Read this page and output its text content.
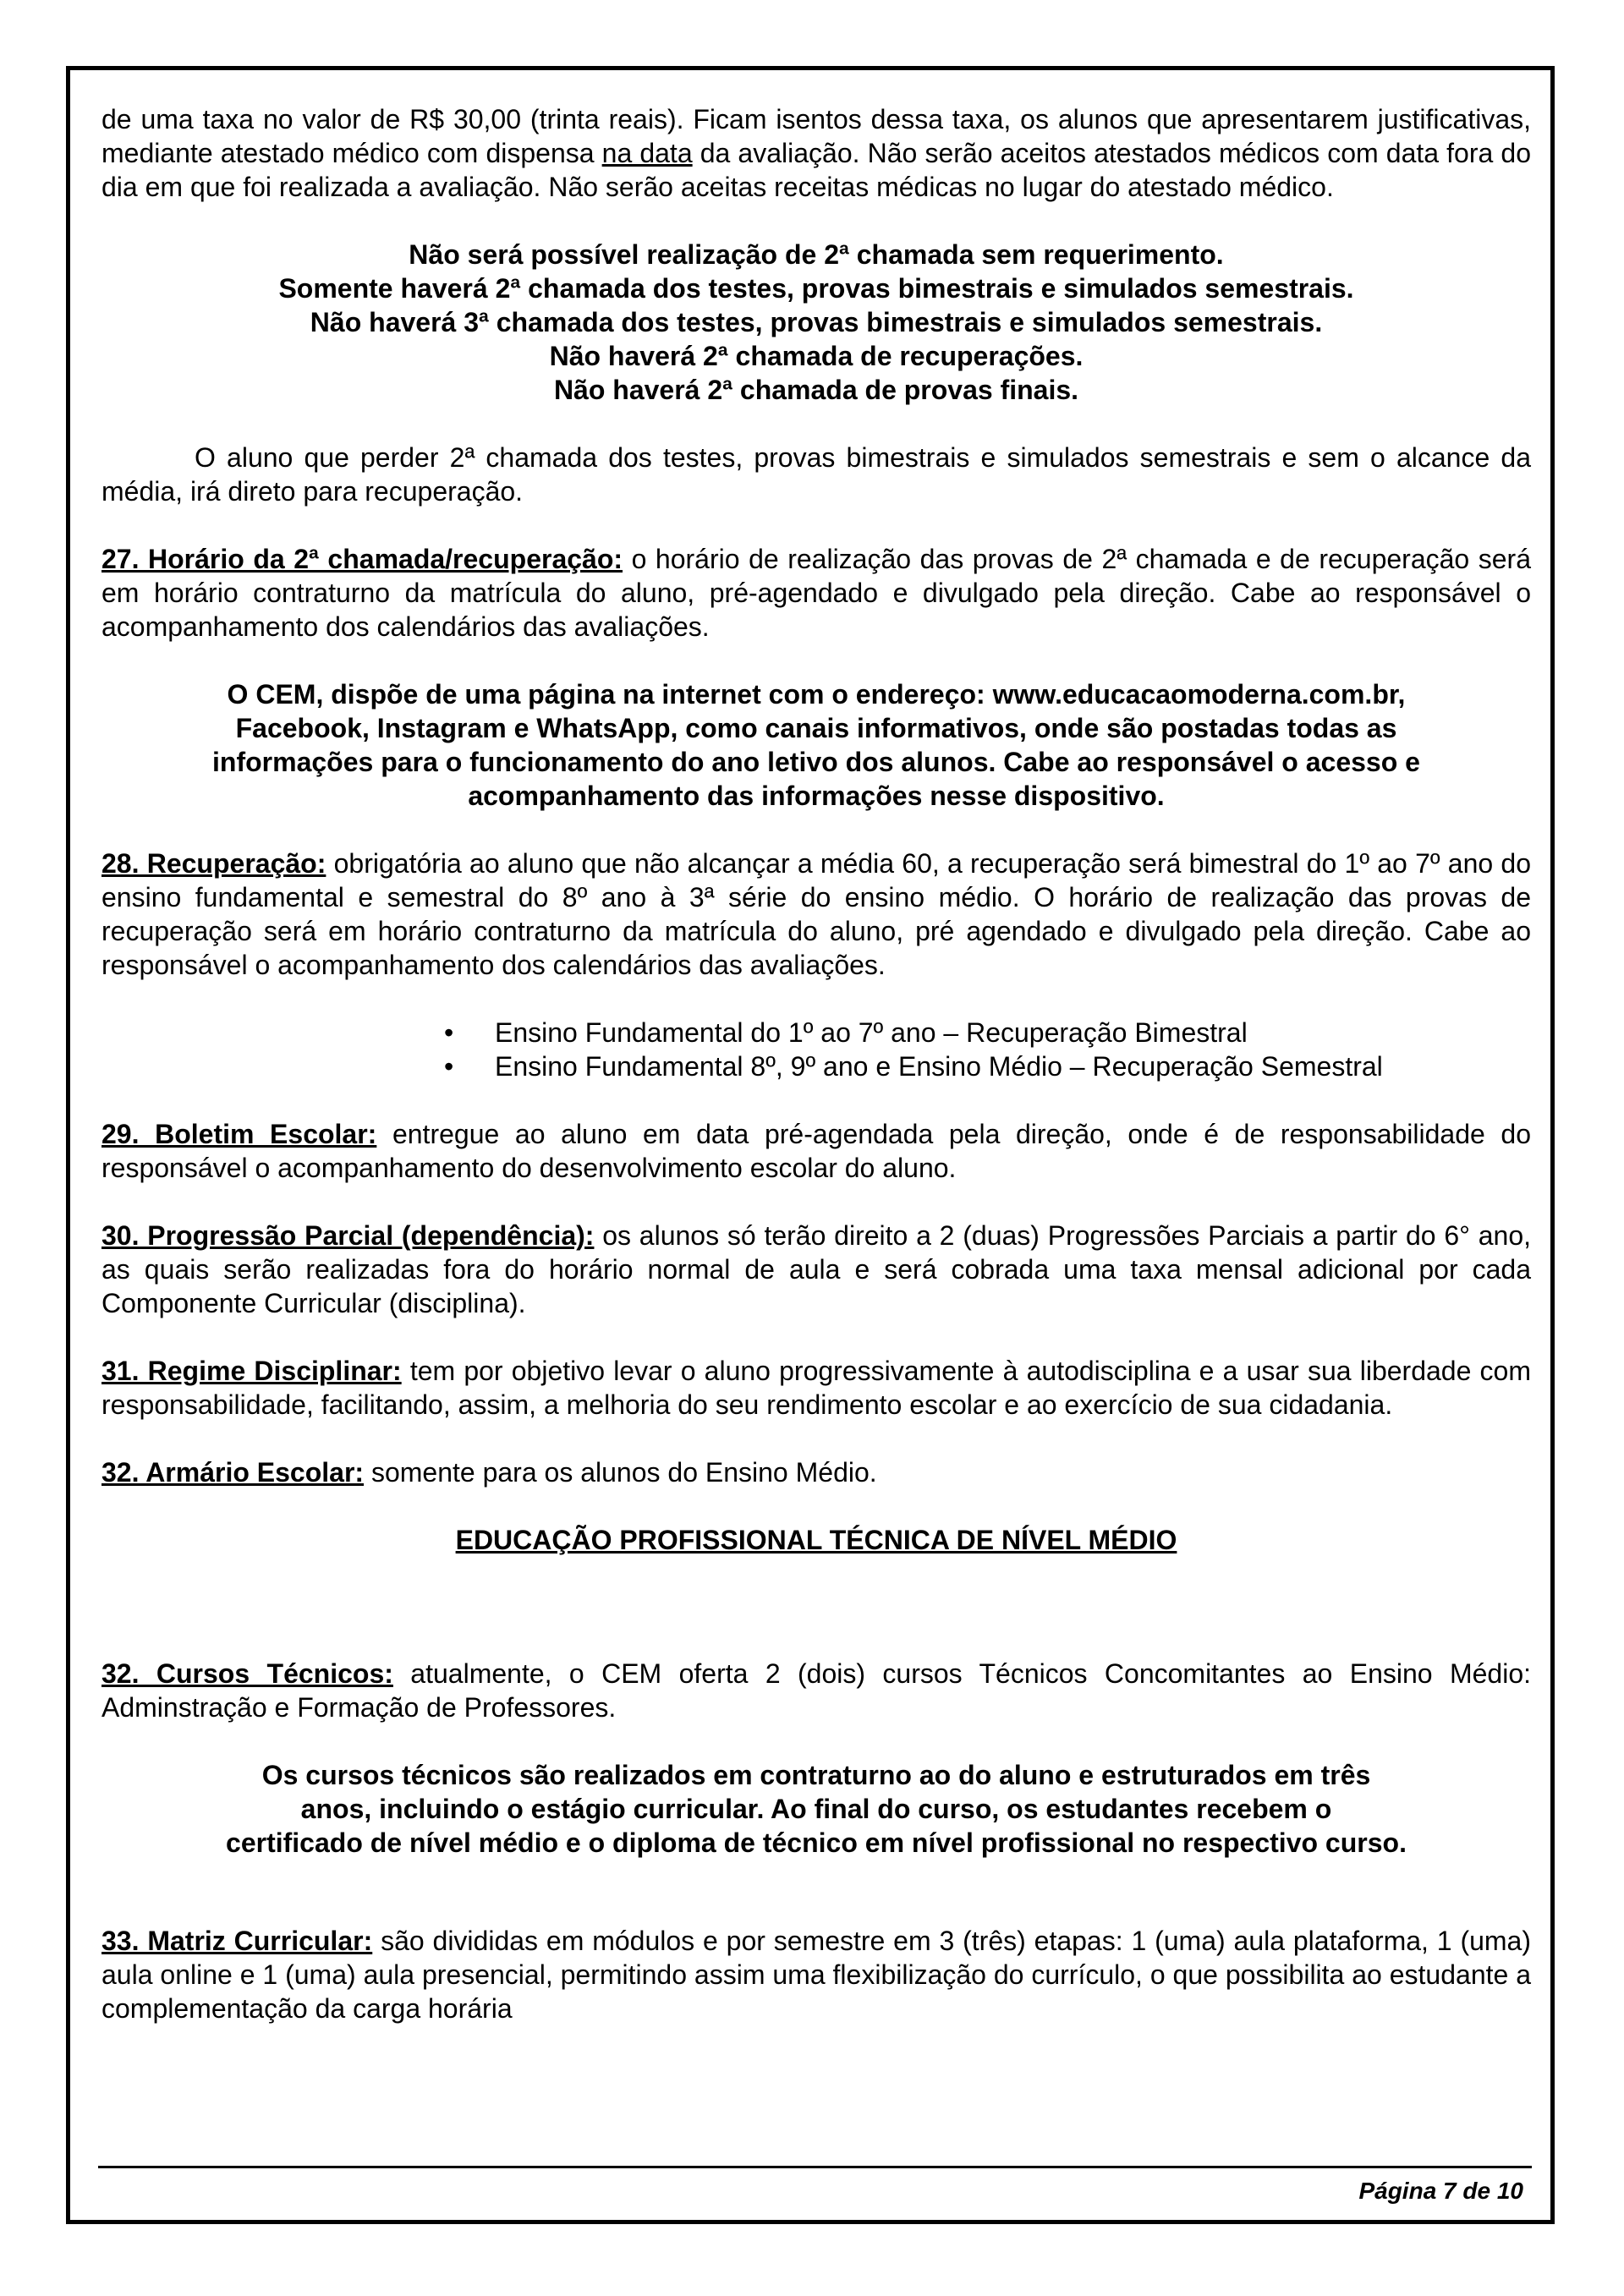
de uma taxa no valor de R$ 30,00 (trinta reais). Ficam isentos dessa taxa, os alunos que apresentarem justificativas, mediante atestado médico com dispensa na data da avaliação. Não serão aceitos atestados médicos com data fora do dia em que foi realizada a avaliação. Não serão aceitas receitas médicas no lugar do atestado médico.

Não será possível realização de 2ª chamada sem requerimento.

Somente haverá 2ª chamada dos testes, provas bimestrais e simulados semestrais.

Não haverá 3ª chamada dos testes, provas bimestrais e simulados semestrais.

Não haverá 2ª chamada de recuperações.

Não haverá 2ª chamada de provas finais.

O aluno que perder 2ª chamada dos testes, provas bimestrais e simulados semestrais e sem o alcance da média, irá direto para recuperação.

27. Horário da 2ª chamada/recuperação: o horário de realização das provas de 2ª chamada e de recuperação será em horário contraturno da matrícula do aluno, pré-agendado e divulgado pela direção. Cabe ao responsável o acompanhamento dos calendários das avaliações.

O CEM, dispõe de uma página na internet com o endereço: www.educacaomoderna.com.br,

Facebook, Instagram e WhatsApp, como canais informativos, onde são postadas todas as

informações para o funcionamento do ano letivo dos alunos. Cabe ao responsável o acesso e

acompanhamento das informações nesse dispositivo.

28. Recuperação: obrigatória ao aluno que não alcançar a média 60, a recuperação será bimestral do 1º ao 7º ano do ensino fundamental e semestral do 8º ano à 3ª série do ensino médio. O horário de realização das provas de recuperação será em horário contraturno da matrícula do aluno, pré agendado e divulgado pela direção. Cabe ao responsável o acompanhamento dos calendários das avaliações.

• Ensino Fundamental do 1º ao 7º ano – Recuperação Bimestral
• Ensino Fundamental 8º, 9º ano e Ensino Médio – Recuperação Semestral

29. Boletim Escolar: entregue ao aluno em data pré-agendada pela direção, onde é de responsabilidade do responsável o acompanhamento do desenvolvimento escolar do aluno.

30. Progressão Parcial (dependência): os alunos só terão direito a 2 (duas) Progressões Parciais a partir do 6° ano, as quais serão realizadas fora do horário normal de aula e será cobrada uma taxa mensal adicional por cada Componente Curricular (disciplina).

31. Regime Disciplinar: tem por objetivo levar o aluno progressivamente à autodisciplina e a usar sua liberdade com responsabilidade, facilitando, assim, a melhoria do seu rendimento escolar e ao exercício de sua cidadania.

32. Armário Escolar: somente para os alunos do Ensino Médio.

EDUCAÇÃO PROFISSIONAL TÉCNICA DE NÍVEL MÉDIO

32. Cursos Técnicos: atualmente, o CEM oferta 2 (dois) cursos Técnicos Concomitantes ao Ensino Médio: Adminstração e Formação de Professores.

Os cursos técnicos são realizados em contraturno ao do aluno e estruturados em três

anos, incluindo o estágio curricular. Ao final do curso, os estudantes recebem o

certificado de nível médio e o diploma de técnico em nível profissional no respectivo curso.

33. Matriz Curricular: são divididas em módulos e por semestre em 3 (três) etapas: 1 (uma) aula plataforma, 1 (uma) aula online e 1 (uma) aula presencial, permitindo assim uma flexibilização do currículo, o que possibilita ao estudante a complementação da carga horária

Página 7 de 10
